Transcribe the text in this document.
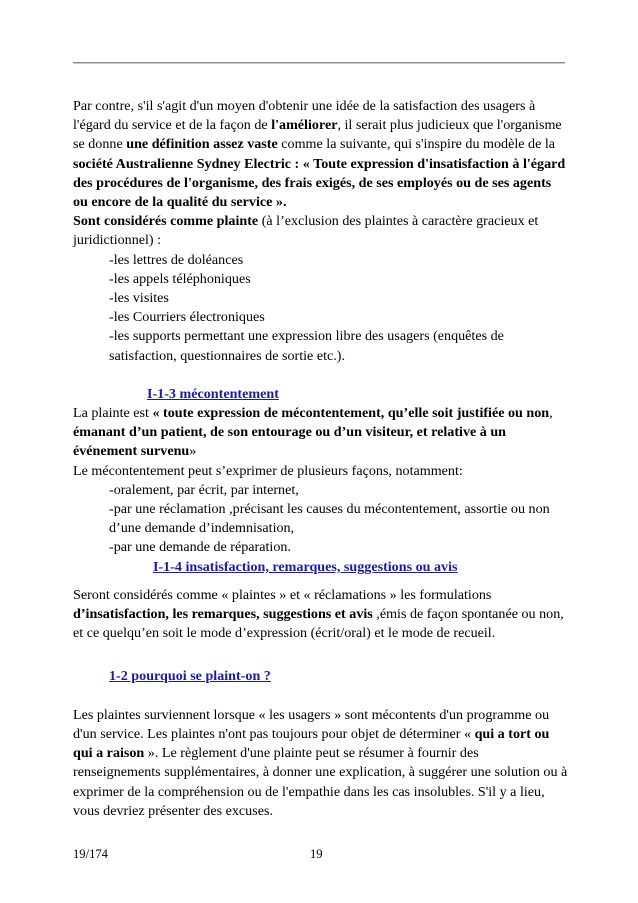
Par contre, s'il s'agit d'un moyen d'obtenir une idée de la satisfaction des usagers à l'égard du service et de la façon de l'améliorer, il serait plus judicieux que l'organisme se donne une définition assez vaste comme la suivante, qui s'inspire du modèle de la société Australienne Sydney Electric : « Toute expression d'insatisfaction à l'égard des procédures de l'organisme, des frais exigés, de ses employés ou de ses agents ou encore de la qualité du service ».

Sont considérés comme plainte (à l’exclusion des plaintes à caractère gracieux et juridictionnel) :

-les lettres de doléances

-les appels téléphoniques

-les visites

-les Courriers électroniques

-les supports permettant une expression libre des usagers (enquêtes de satisfaction, questionnaires de sortie etc.).

I-1-3 mécontentement

La plainte est « toute expression de mécontentement, qu’elle soit justifiée ou non, émanant d’un patient, de son entourage ou d’un visiteur, et relative à un événement survenu»

Le mécontentement peut s’exprimer de plusieurs façons, notamment:

-oralement, par écrit, par internet,

-par une réclamation ,précisant les causes du mécontentement, assortie ou non d’une demande d’indemnisation,

-par une demande de réparation.

I-1-4 insatisfaction, remarques, suggestions ou avis

Seront considérés comme « plaintes » et « réclamations » les formulations d’insatisfaction, les remarques, suggestions et avis ,émis de façon spontanée ou non, et ce quelqu’en soit le mode d’expression (écrit/oral) et le mode de recueil.

1-2 pourquoi se plaint-on ?

Les plaintes surviennent lorsque « les usagers » sont mécontents d'un programme ou d'un service. Les plaintes n'ont pas toujours pour objet de déterminer « qui a tort ou qui a raison ». Le règlement d'une plainte peut se résumer à fournir des renseignements supplémentaires, à donner une explication, à suggérer une solution ou à exprimer de la compréhension ou de l'empathie dans les cas insolubles. S'il y a lieu, vous devriez présenter des excuses.

19/174	19
